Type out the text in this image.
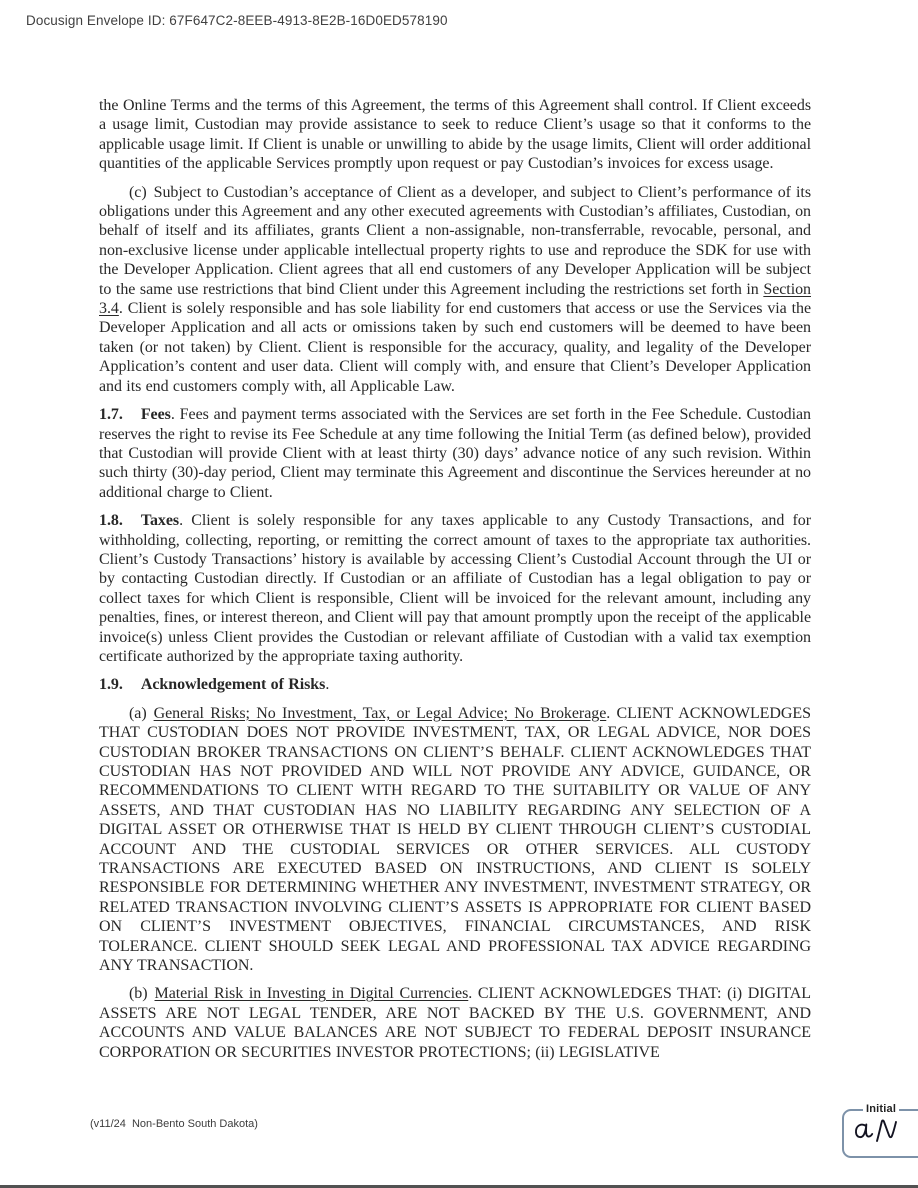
Docusign Envelope ID: 67F647C2-8EEB-4913-8E2B-16D0ED578190

the Online Terms and the terms of this Agreement, the terms of this Agreement shall control. If Client exceeds a usage limit, Custodian may provide assistance to seek to reduce Client’s usage so that it conforms to the applicable usage limit. If Client is unable or unwilling to abide by the usage limits, Client will order additional quantities of the applicable Services promptly upon request or pay Custodian’s invoices for excess usage.

(c) Subject to Custodian’s acceptance of Client as a developer, and subject to Client’s performance of its obligations under this Agreement and any other executed agreements with Custodian’s affiliates, Custodian, on behalf of itself and its affiliates, grants Client a non-assignable, non-transferrable, revocable, personal, and non-exclusive license under applicable intellectual property rights to use and reproduce the SDK for use with the Developer Application. Client agrees that all end customers of any Developer Application will be subject to the same use restrictions that bind Client under this Agreement including the restrictions set forth in Section 3.4. Client is solely responsible and has sole liability for end customers that access or use the Services via the Developer Application and all acts or omissions taken by such end customers will be deemed to have been taken (or not taken) by Client. Client is responsible for the accuracy, quality, and legality of the Developer Application’s content and user data. Client will comply with, and ensure that Client’s Developer Application and its end customers comply with, all Applicable Law.

1.7. Fees. Fees and payment terms associated with the Services are set forth in the Fee Schedule. Custodian reserves the right to revise its Fee Schedule at any time following the Initial Term (as defined below), provided that Custodian will provide Client with at least thirty (30) days’ advance notice of any such revision. Within such thirty (30)-day period, Client may terminate this Agreement and discontinue the Services hereunder at no additional charge to Client.

1.8. Taxes. Client is solely responsible for any taxes applicable to any Custody Transactions, and for withholding, collecting, reporting, or remitting the correct amount of taxes to the appropriate tax authorities. Client’s Custody Transactions’ history is available by accessing Client’s Custodial Account through the UI or by contacting Custodian directly. If Custodian or an affiliate of Custodian has a legal obligation to pay or collect taxes for which Client is responsible, Client will be invoiced for the relevant amount, including any penalties, fines, or interest thereon, and Client will pay that amount promptly upon the receipt of the applicable invoice(s) unless Client provides the Custodian or relevant affiliate of Custodian with a valid tax exemption certificate authorized by the appropriate taxing authority.

1.9. Acknowledgement of Risks.

(a) General Risks; No Investment, Tax, or Legal Advice; No Brokerage. CLIENT ACKNOWLEDGES THAT CUSTODIAN DOES NOT PROVIDE INVESTMENT, TAX, OR LEGAL ADVICE, NOR DOES CUSTODIAN BROKER TRANSACTIONS ON CLIENT’S BEHALF. CLIENT ACKNOWLEDGES THAT CUSTODIAN HAS NOT PROVIDED AND WILL NOT PROVIDE ANY ADVICE, GUIDANCE, OR RECOMMENDATIONS TO CLIENT WITH REGARD TO THE SUITABILITY OR VALUE OF ANY ASSETS, AND THAT CUSTODIAN HAS NO LIABILITY REGARDING ANY SELECTION OF A DIGITAL ASSET OR OTHERWISE THAT IS HELD BY CLIENT THROUGH CLIENT’S CUSTODIAL ACCOUNT AND THE CUSTODIAL SERVICES OR OTHER SERVICES. ALL CUSTODY TRANSACTIONS ARE EXECUTED BASED ON INSTRUCTIONS, AND CLIENT IS SOLELY RESPONSIBLE FOR DETERMINING WHETHER ANY INVESTMENT, INVESTMENT STRATEGY, OR RELATED TRANSACTION INVOLVING CLIENT’S ASSETS IS APPROPRIATE FOR CLIENT BASED ON CLIENT’S INVESTMENT OBJECTIVES, FINANCIAL CIRCUMSTANCES, AND RISK TOLERANCE. CLIENT SHOULD SEEK LEGAL AND PROFESSIONAL TAX ADVICE REGARDING ANY TRANSACTION.

(b) Material Risk in Investing in Digital Currencies. CLIENT ACKNOWLEDGES THAT: (i) DIGITAL ASSETS ARE NOT LEGAL TENDER, ARE NOT BACKED BY THE U.S. GOVERNMENT, AND ACCOUNTS AND VALUE BALANCES ARE NOT SUBJECT TO FEDERAL DEPOSIT INSURANCE CORPORATION OR SECURITIES INVESTOR PROTECTIONS; (ii) LEGISLATIVE

(v11/24  Non-Bento South Dakota)
Initial
